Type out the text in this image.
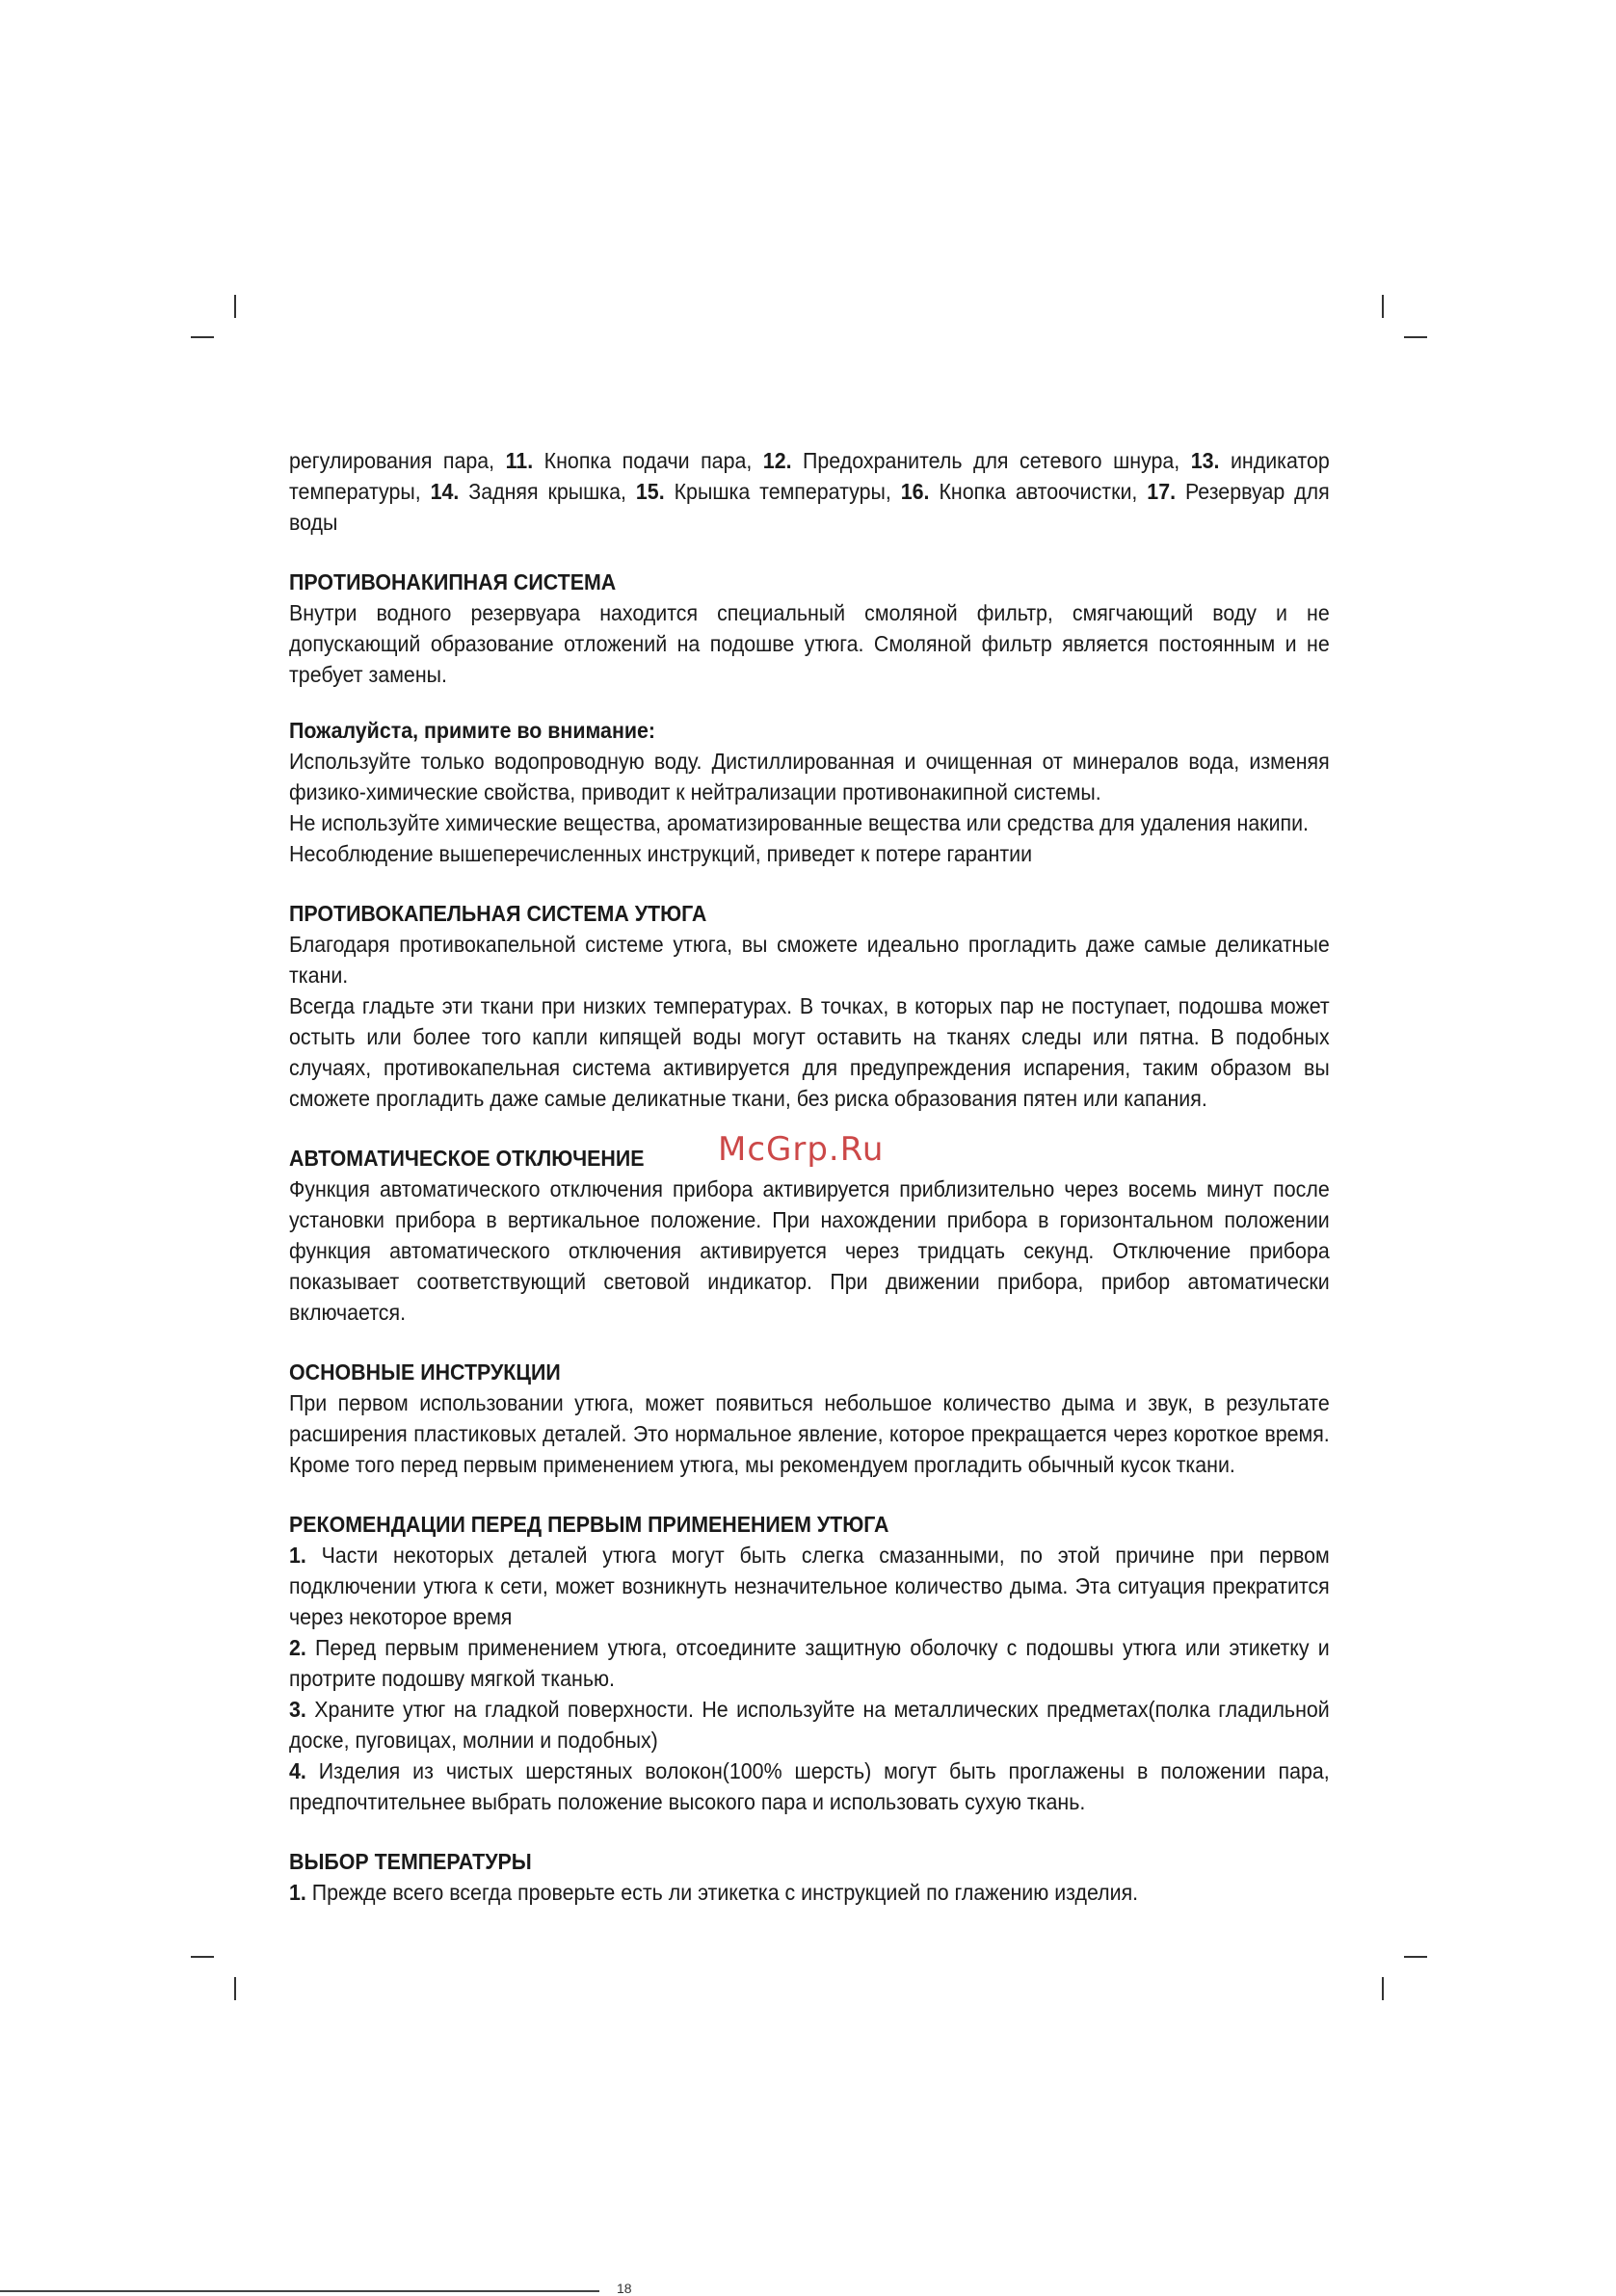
регулирования пара, 11. Кнопка подачи пара, 12. Предохранитель для сетевого шнура, 13. индикатор температуры, 14. Задняя крышка, 15. Крышка температуры, 16. Кнопка автоочистки, 17. Резервуар для воды

ПРОТИВОНАКИПНАЯ СИСТЕМА

Внутри водного резервуара находится специальный смоляной фильтр, смягчающий воду и не допускающий образование отложений на подошве утюга. Смоляной фильтр является постоянным и не требует замены.

Пожалуйста, примите во внимание:

Используйте только водопроводную воду. Дистиллированная и очищенная от минералов вода, изменяя физико-химические свойства, приводит к нейтрализации противонакипной системы.

Не используйте химические вещества, ароматизированные вещества или средства для удаления накипи.

Несоблюдение вышеперечисленных инструкций, приведет к потере гарантии

ПРОТИВОКАПЕЛЬНАЯ СИСТЕМА УТЮГА

Благодаря противокапельной системе утюга, вы сможете идеально прогладить даже самые деликатные ткани.

Всегда гладьте эти ткани при низких температурах. В точках, в которых пар не поступает, подошва может остыть или более того капли кипящей воды могут оставить на тканях следы или пятна. В подобных случаях, противокапельная система активируется для предупреждения испарения, таким образом вы сможете прогладить даже самые деликатные ткани, без риска образования пятен или капания.

АВТОМАТИЧЕСКОЕ ОТКЛЮЧЕНИЕ

Функция автоматического отключения прибора активируется приблизительно через восемь минут после установки прибора в вертикальное положение. При нахождении прибора в горизонтальном положении функция автоматического отключения активируется через тридцать секунд. Отключение прибора показывает соответствующий световой индикатор. При движении прибора, прибор автоматически включается.

ОСНОВНЫЕ ИНСТРУКЦИИ

При первом использовании утюга, может появиться небольшое количество дыма и звук, в результате расширения пластиковых деталей. Это нормальное явление, которое прекращается через короткое время. Кроме того перед первым применением утюга, мы рекомендуем прогладить обычный кусок ткани.

РЕКОМЕНДАЦИИ ПЕРЕД ПЕРВЫМ ПРИМЕНЕНИЕМ УТЮГА

1. Части некоторых деталей утюга могут быть слегка смазанными, по этой причине при первом подключении утюга к сети, может возникнуть незначительное количество дыма. Эта ситуация прекратится через некоторое время

2. Перед первым применением утюга, отсоедините защитную оболочку с подошвы утюга или этикетку и протрите подошву мягкой тканью.

3. Храните утюг на гладкой поверхности. Не используйте на металлических предметах(полка гладильной доске, пуговицах, молнии и подобных)

4. Изделия из чистых шерстяных волокон(100% шерсть) могут быть проглажены в положении пара, предпочтительнее выбрать положение высокого пара и использовать сухую ткань.

ВЫБОР ТЕМПЕРАТУРЫ

1. Прежде всего всегда проверьте есть ли этикетка с инструкцией по глажению изделия.

McGrp.Ru
18
